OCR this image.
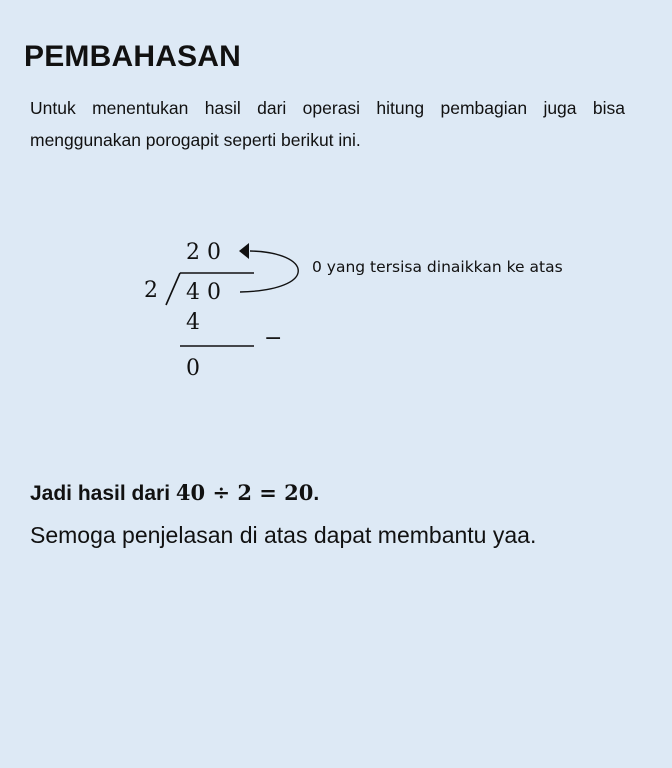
PEMBAHASAN

Untuk menentukan hasil dari operasi hitung pembagian juga bisa menggunakan porogapit seperti berikut ini.

2 0
2 4 0
4
−
0
0 yang tersisa dinaikkan ke atas

Jadi hasil dari 40 ÷ 2 = 20.

Semoga penjelasan di atas dapat membantu yaa.
